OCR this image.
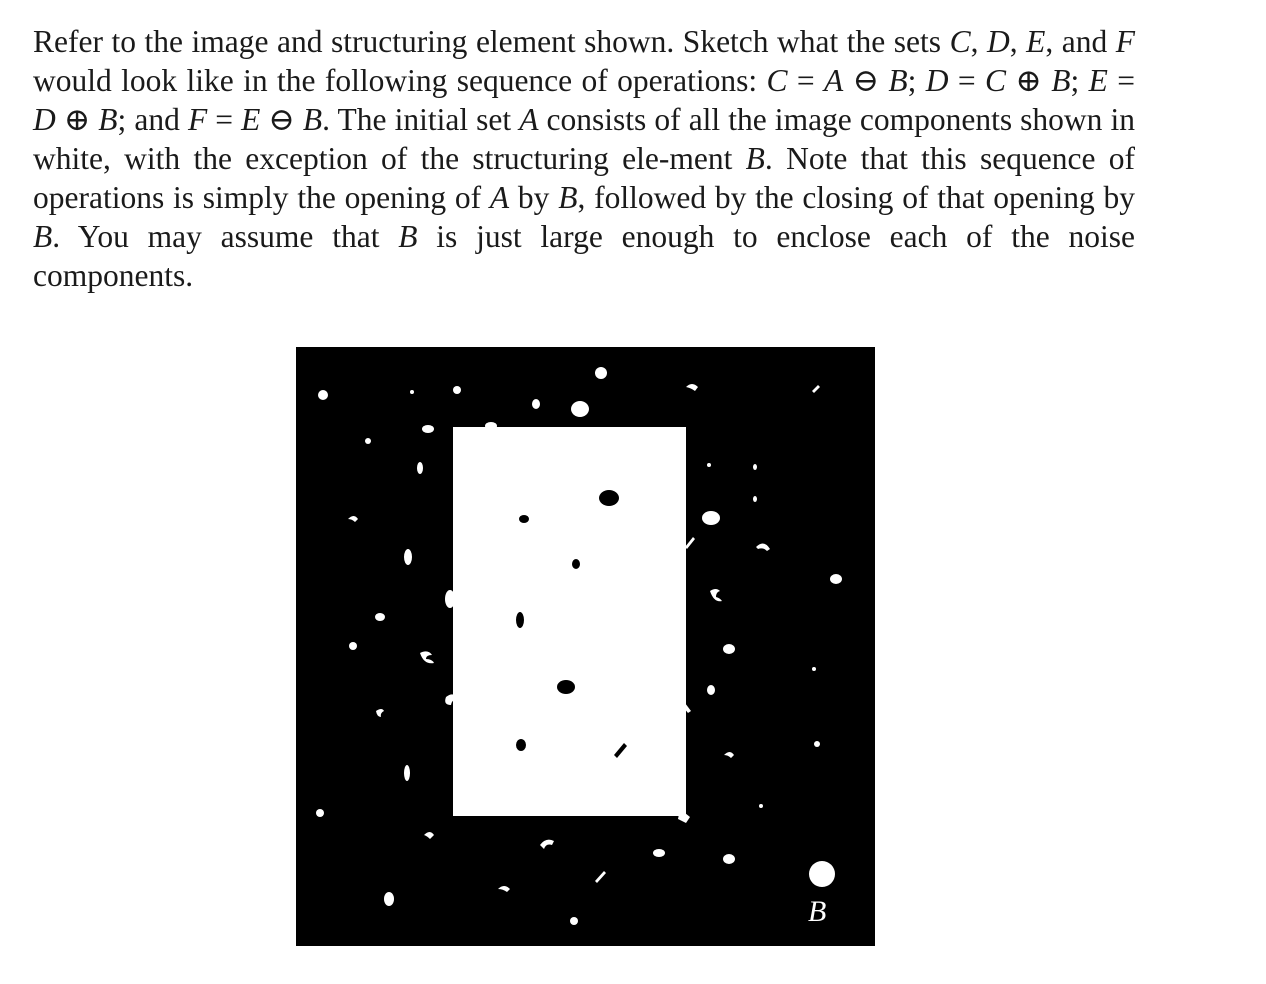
Refer to the image and structuring element shown. Sketch what the sets C, D, E, and F would look like in the following sequence of operations: C = A ⊖ B; D = C ⊕ B; E = D ⊕ B; and F = E ⊖ B. The initial set A consists of all the image components shown in white, with the exception of the structuring ele-ment B. Note that this sequence of operations is simply the opening of A by B, followed by the closing of that opening by B. You may assume that B is just large enough to enclose each of the noise components.

B
